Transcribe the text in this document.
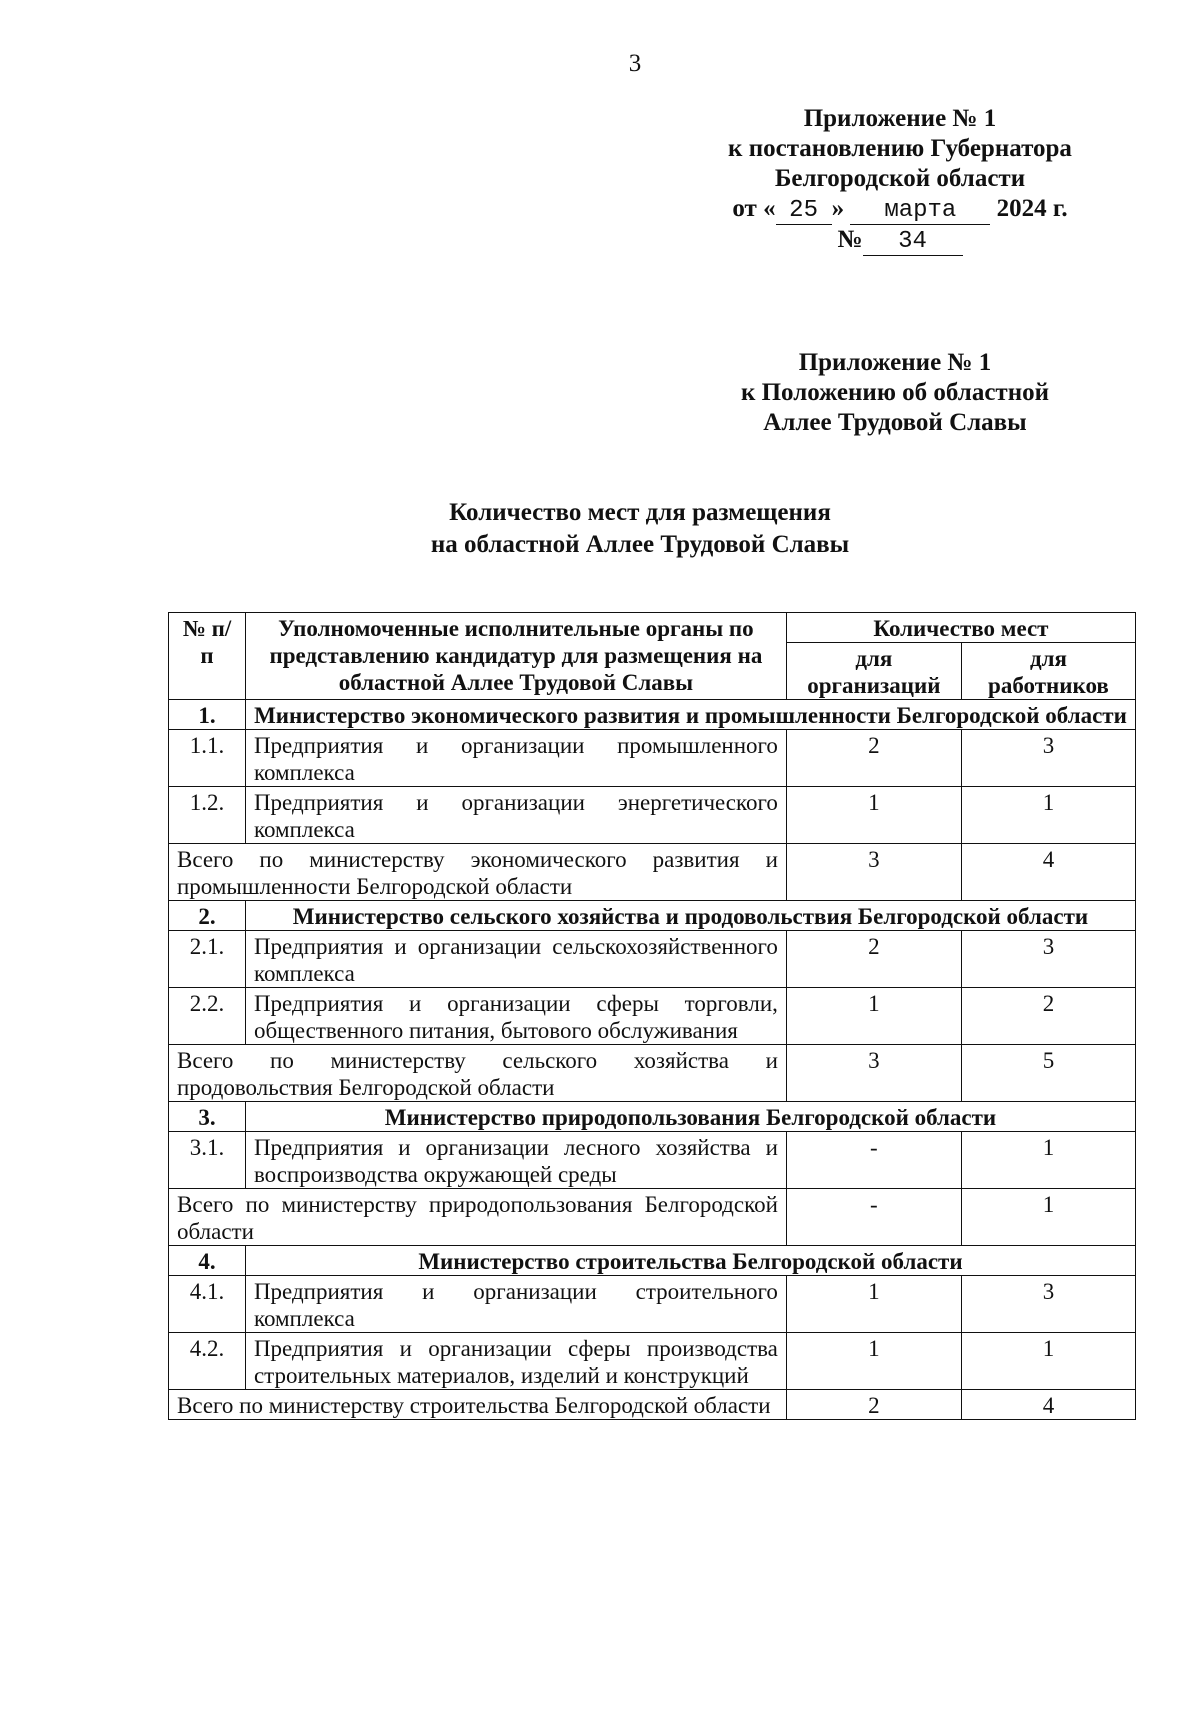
3
Приложение № 1
к постановлению Губернатора
Белгородской области
от « 25 » марта 2024 г.
№ 34
Приложение № 1
к Положению об областной
Аллее Трудовой Славы
Количество мест для размещения
на областной Аллее Трудовой Славы
№ п/п	Уполномоченные исполнительные органы по представлению кандидатур для размещения на областной Аллее Трудовой Славы	Количество мест	
		для организаций	для работников
1.	Министерство экономического развития и промышленности Белгородской области		
1.1.	Предприятия и организации промышленного комплекса	2	3
1.2.	Предприятия и организации энергетического комплекса	1	1
Всего по министерству экономического развития и промышленности Белгородской области		3	4
2.	Министерство сельского хозяйства и продовольствия Белгородской области		
2.1.	Предприятия и организации сельскохозяйственного комплекса	2	3
2.2.	Предприятия и организации сферы торговли, общественного питания, бытового обслуживания	1	2
Всего по министерству сельского хозяйства и продовольствия Белгородской области		3	5
3.	Министерство природопользования Белгородской области		
3.1.	Предприятия и организации лесного хозяйства и воспроизводства окружающей среды	-	1
Всего по министерству природопользования Белгородской области		-	1
4.	Министерство строительства Белгородской области		
4.1.	Предприятия и организации строительного комплекса	1	3
4.2.	Предприятия и организации сферы производства строительных материалов, изделий и конструкций	1	1
Всего по министерству строительства Белгородской области		2	4
